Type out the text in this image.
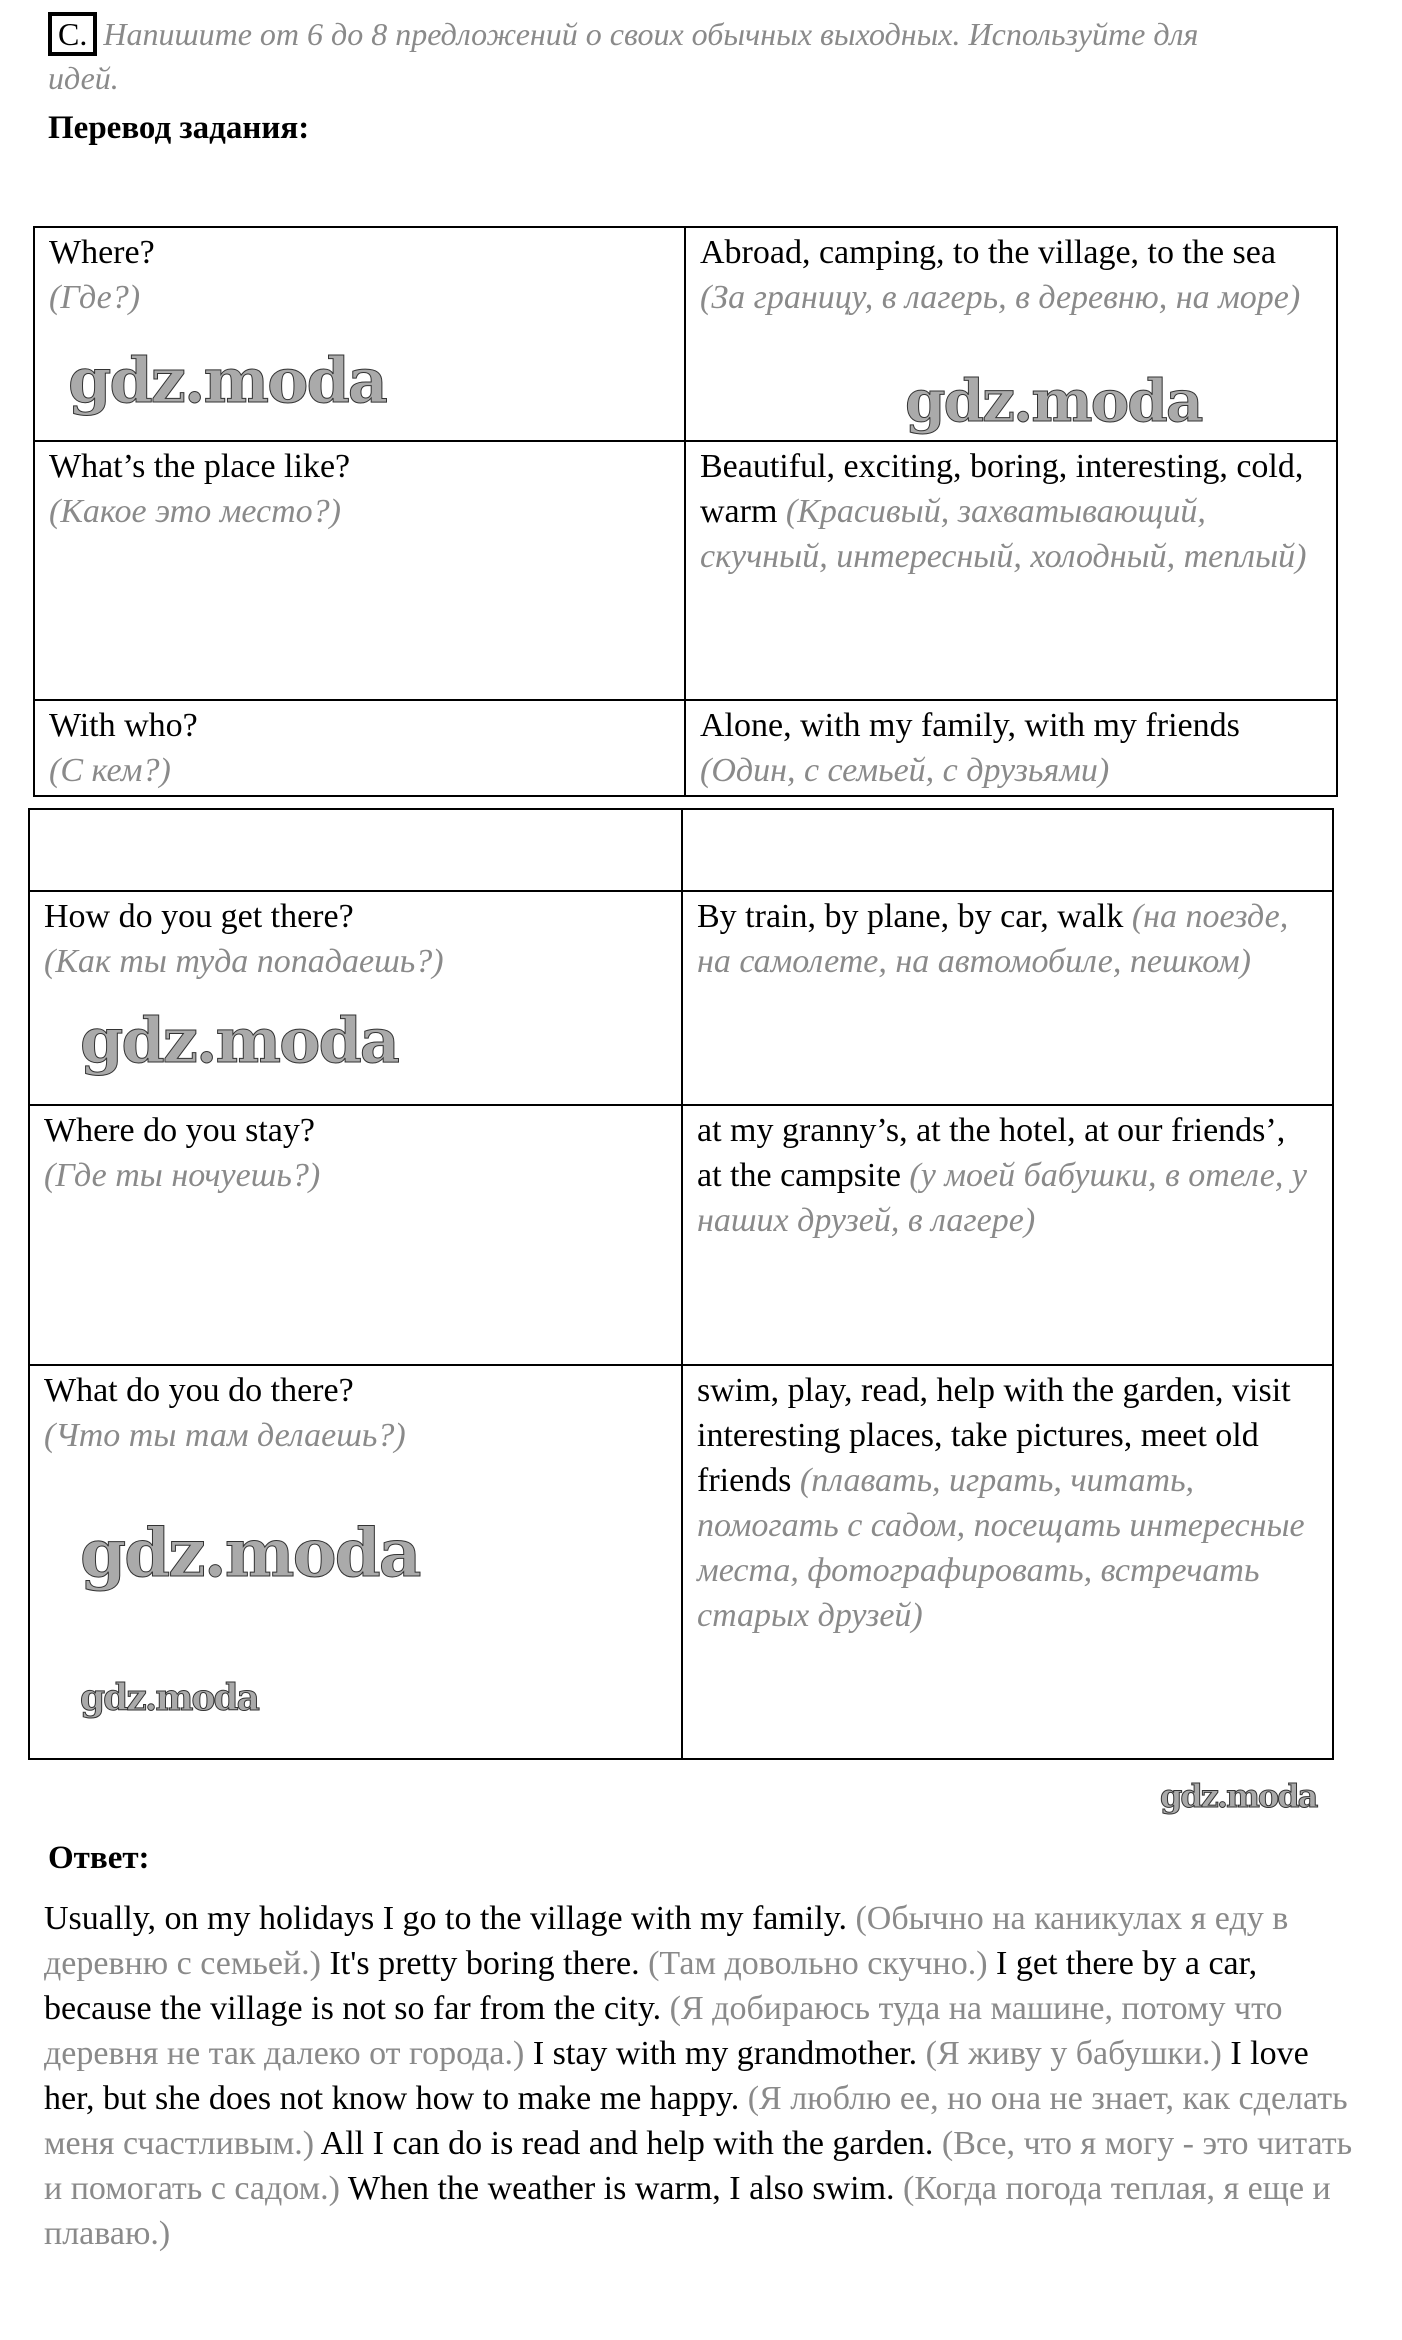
C. Напишите от 6 до 8 предложений о своих обычных выходных. Используйте для идей.
Перевод задания:
Where?
(Где?)	Abroad, camping, to the village, to the sea (За границу, в лагерь, в деревню, на море)
What’s the place like?
(Какое это место?)	Beautiful, exciting, boring, interesting, cold, warm (Красивый, захватывающий, скучный, интересный, холодный, теплый)
With who?
(С кем?)	Alone, with my family, with my friends (Один, с семьей, с друзьями)

How do you get there?
(Как ты туда попадаешь?)	By train, by plane, by car, walk (на поезде, на самолете, на автомобиле, пешком)
Where do you stay?
(Где ты ночуешь?)	at my granny’s, at the hotel, at our friends’, at the campsite (у моей бабушки, в отеле, у наших друзей, в лагере)
What do you do there?
(Что ты там делаешь?)	swim, play, read, help with the garden, visit interesting places, take pictures, meet old friends (плавать, играть, читать, помогать с садом, посещать интересные места, фотографировать, встречать старых друзей)
Ответ:
Usually, on my holidays I go to the village with my family. (Обычно на каникулах я еду в деревню с семьей.) It's pretty boring there. (Там довольно скучно.) I get there by a car, because the village is not so far from the city. (Я добираюсь туда на машине, потому что деревня не так далеко от города.) I stay with my grandmother. (Я живу у бабушки.) I love her, but she does not know how to make me happy. (Я люблю ее, но она не знает, как сделать меня счастливым.) All I can do is read and help with the garden. (Все, что я могу - это читать и помогать с садом.) When the weather is warm, I also swim. (Когда погода теплая, я еще и плаваю.)
gdz.moda	gdz.moda
gdz.moda
gdz.moda
gdz.moda
gdz.moda
